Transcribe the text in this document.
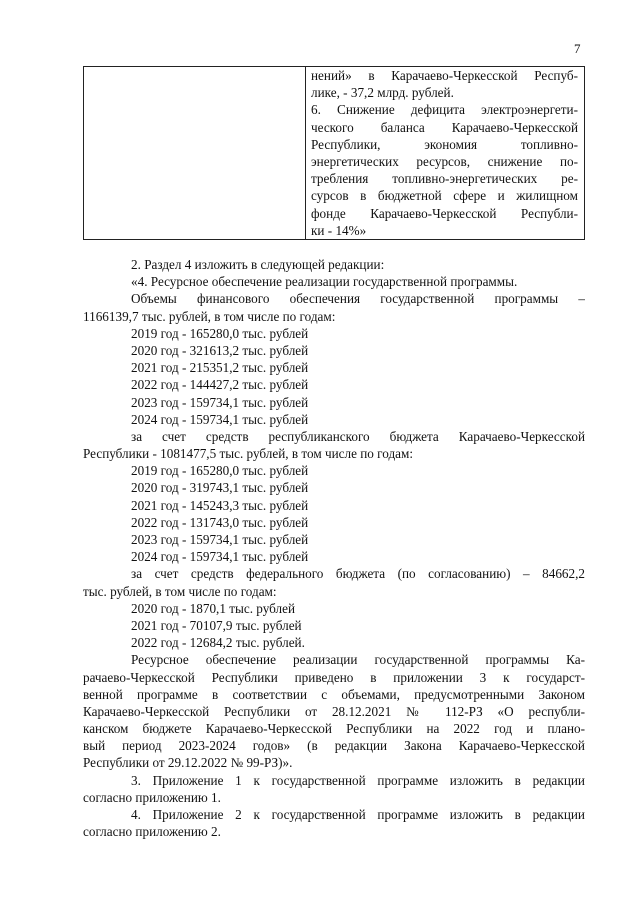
7
нений» в Карачаево-Черкесской Респуб-
лике, - 37,2 млрд. рублей.
6. Снижение дефицита электроэнергети-
ческого баланса Карачаево-Черкесской
Республики, экономия топливно-
энергетических ресурсов, снижение по-
требления топливно-энергетических ре-
сурсов в бюджетной сфере и жилищном
фонде Карачаево-Черкесской Республи-
ки - 14%»
2. Раздел 4 изложить в следующей редакции:
«4. Ресурсное обеспечение реализации государственной программы.
Объемы финансового обеспечения государственной программы –
1166139,7 тыс. рублей, в том числе по годам:
2019 год - 165280,0 тыс. рублей
2020 год - 321613,2 тыс. рублей
2021 год - 215351,2 тыс. рублей
2022 год - 144427,2 тыс. рублей
2023 год - 159734,1 тыс. рублей
2024 год - 159734,1 тыс. рублей
за счет средств республиканского бюджета Карачаево-Черкесской
Республики - 1081477,5 тыс. рублей, в том числе по годам:
2019 год - 165280,0 тыс. рублей
2020 год - 319743,1 тыс. рублей
2021 год - 145243,3 тыс. рублей
2022 год - 131743,0 тыс. рублей
2023 год - 159734,1 тыс. рублей
2024 год - 159734,1 тыс. рублей
за счет средств федерального бюджета (по согласованию) – 84662,2
тыс. рублей, в том числе по годам:
2020 год - 1870,1 тыс. рублей
2021 год - 70107,9 тыс. рублей
2022 год - 12684,2 тыс. рублей.
Ресурсное обеспечение реализации государственной программы Ка-
рачаево-Черкесской Республики приведено в приложении 3 к государст-
венной программе в соответствии с объемами, предусмотренными Законом
Карачаево-Черкесской Республики от 28.12.2021 № 112-РЗ «О республи-
канском бюджете Карачаево-Черкесской Республики на 2022 год и плано-
вый период 2023-2024 годов» (в редакции Закона Карачаево-Черкесской
Республики от 29.12.2022 № 99-РЗ)».
3. Приложение 1 к государственной программе изложить в редакции
согласно приложению 1.
4. Приложение 2 к государственной программе изложить в редакции
согласно приложению 2.
